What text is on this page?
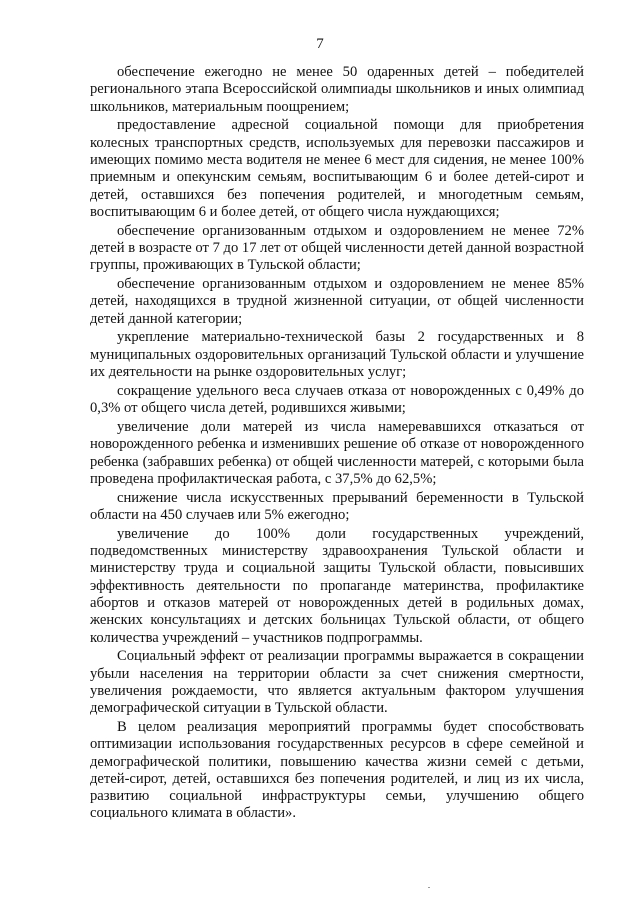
7

обеспечение ежегодно не менее 50 одаренных детей – победителей регионального этапа Всероссийской олимпиады школьников и иных олимпиад школьников, материальным поощрением;

предоставление адресной социальной помощи для приобретения колесных транспортных средств, используемых для перевозки пассажиров и имеющих помимо места водителя не менее 6 мест для сидения, не менее 100% приемным и опекунским семьям, воспитывающим 6 и более детей-сирот и детей, оставшихся без попечения родителей, и многодетным семьям, воспитывающим 6 и более детей, от общего числа нуждающихся;

обеспечение организованным отдыхом и оздоровлением не менее 72% детей в возрасте от 7 до 17 лет от общей численности детей данной возрастной группы, проживающих в Тульской области;

обеспечение организованным отдыхом и оздоровлением не менее 85% детей, находящихся в трудной жизненной ситуации, от общей численности детей данной категории;

укрепление материально-технической базы 2 государственных и 8 муниципальных оздоровительных организаций Тульской области и улучшение их деятельности на рынке оздоровительных услуг;

сокращение удельного веса случаев отказа от новорожденных с 0,49% до 0,3% от общего числа детей, родившихся живыми;

увеличение доли матерей из числа намеревавшихся отказаться от новорожденного ребенка и изменивших решение об отказе от новорожденного ребенка (забравших ребенка) от общей численности матерей, с которыми была проведена профилактическая работа, с 37,5% до 62,5%;

снижение числа искусственных прерываний беременности в Тульской области на 450 случаев или 5% ежегодно;

увеличение до 100% доли государственных учреждений, подведомственных министерству здравоохранения Тульской области и министерству труда и социальной защиты Тульской области, повысивших эффективность деятельности по пропаганде материнства, профилактике абортов и отказов матерей от новорожденных детей в родильных домах, женских консультациях и детских больницах Тульской области, от общего количества учреждений – участников подпрограммы.

Социальный эффект от реализации программы выражается в сокращении убыли населения на территории области за счет снижения смертности, увеличения рождаемости, что является актуальным фактором улучшения демографической ситуации в Тульской области.

В целом реализация мероприятий программы будет способствовать оптимизации использования государственных ресурсов в сфере семейной и демографической политики, повышению качества жизни семей с детьми, детей-сирот, детей, оставшихся без попечения родителей, и лиц из их числа, развитию социальной инфраструктуры семьи, улучшению общего социального климата в области».
